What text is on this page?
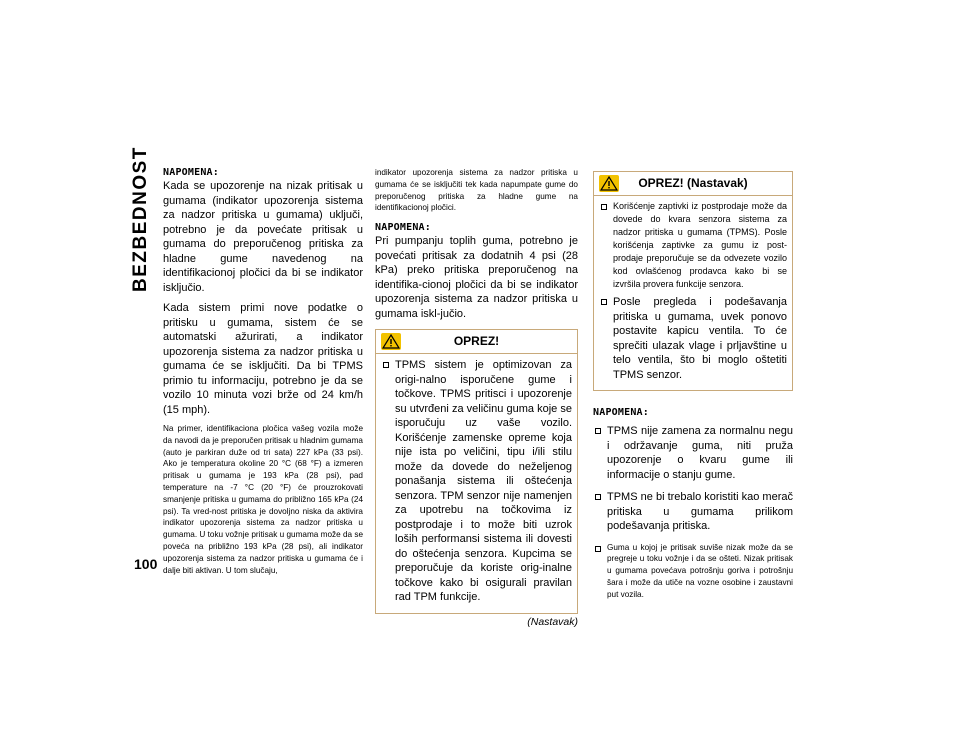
BEZBEDNOST
100
NAPOMENA:

Kada se upozorenje na nizak pritisak u gumama (indikator upozorenja sistema za nadzor pritiska u gumama) uključi, potrebno je da povećate pritisak u gumama do preporučenog pritiska za hladne gume navedenog na identifikacionoj pločici da bi se indikator isključio.

Kada sistem primi nove podatke o pritisku u gumama, sistem će se automatski ažurirati, a indikator upozorenja sistema za nadzor pritiska u gumama će se isključiti. Da bi TPMS primio tu informaciju, potrebno je da se vozilo 10 minuta vozi brže od 24 km/h (15 mph).

Na primer, identifikaciona pločica vašeg vozila može da navodi da je preporučen pritisak u hladnim gumama (auto je parkiran duže od tri sata) 227 kPa (33 psi). Ako je temperatura okoline 20 °C (68 °F) a izmeren pritisak u gumama je 193 kPa (28 psi), pad temperature na -7 °C (20 °F) će prouzrokovati smanjenje pritiska u gumama do približno 165 kPa (24 psi). Ta vred-nost pritiska je dovoljno niska da aktivira indikator upozorenja sistema za nadzor pritiska u gumama. U toku vožnje pritisak u gumama može da se poveća na približno 193 kPa (28 psi), ali indikator upozorenja sistema za nadzor pritiska u gumama će i dalje biti aktivan. U tom slučaju,

indikator upozorenja sistema za nadzor pritiska u gumama će se isključiti tek kada napumpate gume do preporučenog pritiska za hladne gume na identifikacionoj pločici.

NAPOMENA:

Pri pumpanju toplih guma, potrebno je povećati pritisak za dodatnih 4 psi (28 kPa) preko pritiska preporučenog na identifika-cionoj pločici da bi se indikator upozorenja sistema za nadzor pritiska u gumama iskl-jučio.

OPREZ!

TPMS sistem je optimizovan za origi-nalno isporučene gume i točkove. TPMS pritisci i upozorenje su utvrđeni za veličinu guma koje se isporučuju uz vaše vozilo. Korišćenje zamenske opreme koja nije ista po veličini, tipu i/ili stilu može da dovede do neželjenog ponašanja sistema ili oštećenja senzora. TPM senzor nije namenjen za upotrebu na točkovima iz postprodaje i to može biti uzrok loših performansi sistema ili dovesti do oštećenja senzora. Kupcima se preporučuje da koriste orig-inalne točkove kako bi osigurali pravilan rad TPM funkcije.

(Nastavak)
OPREZ! (Nastavak)

Korišćenje zaptivki iz postprodaje može da dovede do kvara senzora sistema za nadzor pritiska u gumama (TPMS). Posle korišćenja zaptivke za gumu iz post-prodaje preporučuje se da odvezete vozilo kod ovlašćenog prodavca kako bi se izvršila provera funkcije senzora.

Posle pregleda i podešavanja pritiska u gumama, uvek ponovo postavite kapicu ventila. To će sprečiti ulazak vlage i prljavštine u telo ventila, što bi moglo oštetiti TPMS senzor.

NAPOMENA:

TPMS nije zamena za normalnu negu i održavanje guma, niti pruža upozorenje o kvaru gume ili informacije o stanju gume.

TPMS ne bi trebalo koristiti kao merač pritiska u gumama prilikom podešavanja pritiska.

Guma u kojoj je pritisak suviše nizak može da se pregreje u toku vožnje i da se ošteti. Nizak pritisak u gumama povećava potrošnju goriva i potrošnju šara i može da utiče na vozne osobine i zaustavni put vozila.
